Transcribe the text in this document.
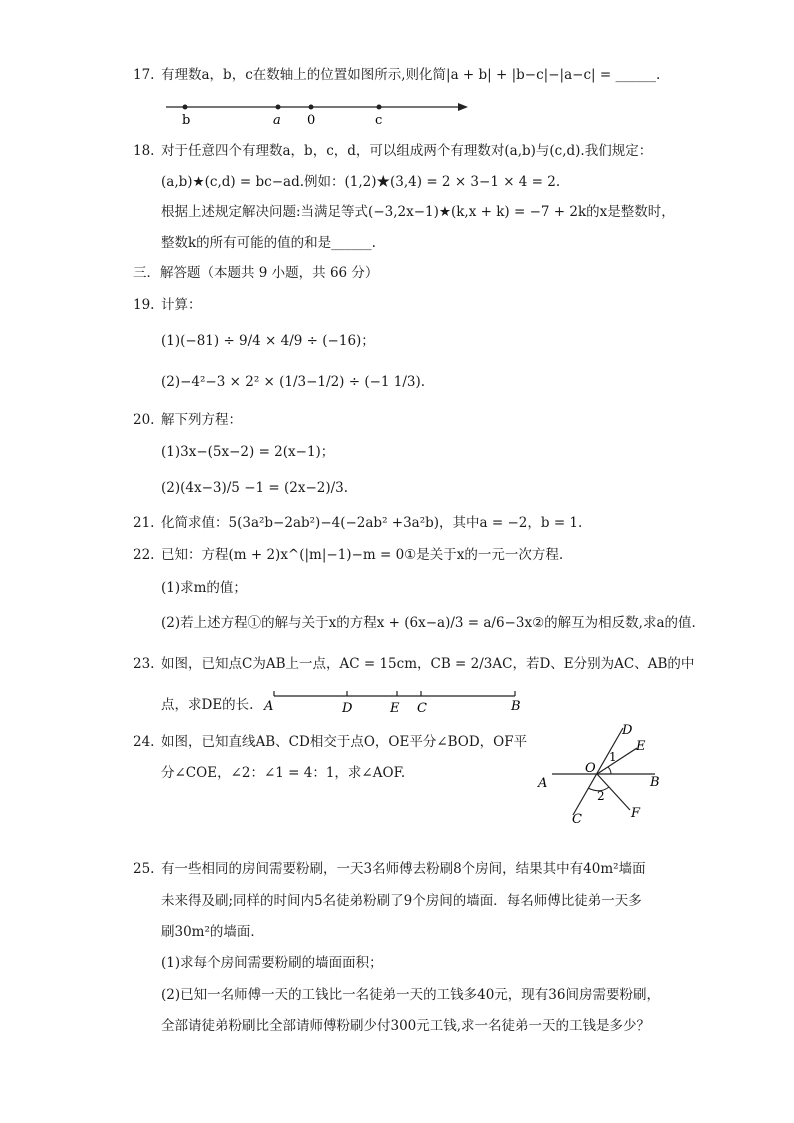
17. 有理数a，b，c在数轴上的位置如图所示,则化简|a + b| + |b−c|−|a−c| = ______.
b	a 0	c
18. 对于任意四个有理数a，b，c，d，可以组成两个有理数对(a,b)与(c,d).我们规定：
(a,b)★(c,d) = bc−ad.例如：(1,2)★(3,4) = 2 × 3−1 × 4 = 2.
根据上述规定解决问题:当满足等式(−3,2x−1)★(k,x + k) = −7 + 2k的x是整数时，
整数k的所有可能的值的和是______.
三．解答题（本题共 9 小题，共 66 分）
19. 计算：
(1)(−81) ÷ 9/4 × 4/9 ÷ (−16)；
(2)−4²−3 × 2² × (1/3−1/2) ÷ (−1 1/3).
20. 解下列方程：
(1)3x−(5x−2) = 2(x−1)；
(2)(4x−3)/5 −1 = (2x−2)/3.
21. 化简求值：5(3a²b−2ab²)−4(−2ab² +3a²b)，其中a = −2，b = 1.
22. 已知：方程(m + 2)x^(|m|−1)−m = 0①是关于x的一元一次方程.
(1)求m的值；
(2)若上述方程①的解与关于x的方程x + (6x−a)/3 = a/6−3x②的解互为相反数,求a的值.
23. 如图，已知点C为AB上一点，AC = 15cm，CB = 2/3AC，若D、E分别为AC、AB的中
点，求DE的长. A	D	E C	B
24. 如图，已知直线AB、CD相交于点O，OE平分∠BOD，OF平
分∠COE，∠2：∠1 = 4：1，求∠AOF.
D
E
1
O
A	B
2
C	F
25. 有一些相同的房间需要粉刷，一天3名师傅去粉刷8个房间，结果其中有40m²墙面
未来得及刷;同样的时间内5名徒弟粉刷了9个房间的墙面．每名师傅比徒弟一天多
刷30m²的墙面．
(1)求每个房间需要粉刷的墙面面积；
(2)已知一名师傅一天的工钱比一名徒弟一天的工钱多40元，现有36间房需要粉刷，
全部请徒弟粉刷比全部请师傅粉刷少付300元工钱,求一名徒弟一天的工钱是多少？
